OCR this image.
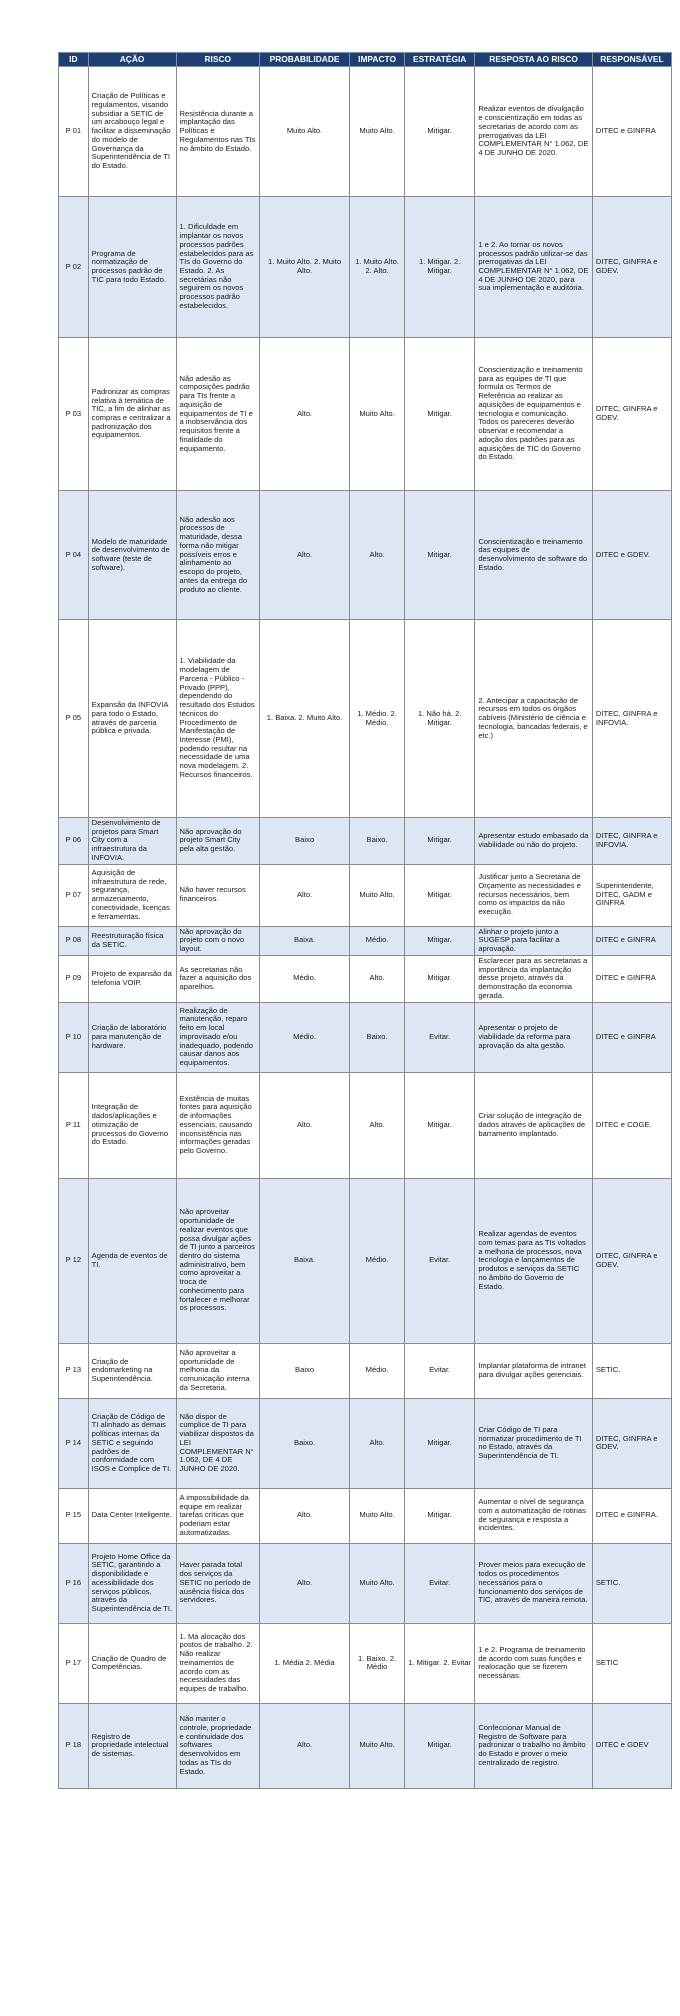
ID	AÇÃO	RISCO	PROBABILIDADE	IMPACTO	ESTRATÉGIA	RESPOSTA AO RISCO	RESPONSÁVEL
P 01	Criação de Políticas e regulamentos, visando subsidiar a SETIC de um arcabouço legal e facilitar a disseminação do modelo de Governança da Superintendência de TI do Estado.	Resistência durante a implantação das Políticas e Regulamentos nas TIs no âmbito do Estado.	Muito Alto.	Muito Alto.	Mitigar.	Realizar eventos de divulgação e conscientização em todas as secretarias de acordo com as prerrogativas da LEI COMPLEMENTAR N° 1.062, DE 4 DE JUNHO DE 2020.	DITEC e GINFRA
P 02	Programa de normatização de processos padrão de TIC para todo Estado.	1. Dificuldade em implantar os novos processos padrões estabelecidos para as TIs do Governo do Estado. 2. As secretárias não seguirem os novos processos padrão estabelecidos.	1. Muito Alto. 2. Muito Alto.	1. Muito Alto. 2. Alto.	1. Mitigar. 2. Mitigar.	1 e 2. Ao tornar os novos processos padrão utilizar-se das prerrogativas da LEI COMPLEMENTAR N° 1.062, DE 4 DE JUNHO DE 2020, para sua implementação e auditória.	DITEC, GINFRA e GDEV.
P 03	Padronizar as compras relativa à temática de TIC, a fim de alinhar as compras e centralizar a padronização dos equipamentos.	Não adesão as composições padrão para TIs frente a aquisição de equipamentos de TI e a inobservância dos requisitos frente a finalidade do equipamento.	Alto.	Muito Alto.	Mitigar.	Conscientização e treinamento para as equipes de TI que formula os Termos de Referência ao realizar as aquisições de equipamentos e tecnologia e comunicação. Todos os pareceres deverão observar e recomendar a adoção dos padrões para as aquisições de TIC do Governo do Estado.	DITEC, GINFRA e GDEV.
P 04	Modelo de maturidade de desenvolvimento de software (teste de software).	Não adesão aos processos de maturidade, dessa forma não mitigar possíveis erros e alinhamento ao escopo do projeto, antes da entrega do produto ao cliente.	Alto.	Alto.	Mitigar.	Conscientização e treinamento das equipes de desenvolvimento de software do Estado.	DITEC e GDEV.
P 05	Expansão da INFOVIA para todo o Estado, através de parceria pública e privada.	1. Viabilidade da modelagem de Parceria - Público - Privado (PPP), dependendo do resultado dos Estudos técnicos do Procedimento de Manifestação de Interesse (PMI), podendo resultar na necessidade de uma nova modelagem. 2. Recursos financeiros.	1. Baixa. 2. Muito Alto.	1. Médio. 2. Médio.	1. Não há. 2. Mitigar.	2. Antecipar a capacitação de recursos em todos os órgãos cabíveis (Ministério de ciência e tecnologia, bancadas federais, e etc.)	DITEC, GINFRA e INFOVIA.
P 06	Desenvolvimento de projetos para Smart City com a infraestrutura da INFOVIA.	Não aprovação do projeto Smart City pela alta gestão.	Baixo	Baixo.	Mitigar.	Apresentar estudo embasado da viabilidade ou não do projeto.	DITEC, GINFRA e INFOVIA.
P 07	Aquisição de infraestrutura de rede, segurança, armazenamento, conectividade, licenças e ferramentas.	Não haver recursos financeiros.	Alto.	Muito Alto.	Mitigar.	Justificar junto a Secretária de Orçamento as necessidades e recursos necessários, bem como os impactos da não execução.	Superintendente, DITEC, GADM e GINFRA
P 08	Reestruturação física da SETIC.	Não aprovação do projeto com o novo layout.	Baixa.	Médio.	Mitigar.	Alinhar o projeto junto a SUGESP para facilitar a aprovação.	DITEC e GINFRA
P 09	Projeto de expansão da telefonia VOIP.	As secretarias não fazer a aquisição dos aparelhos.	Médio.	Alto.	Mitigar.	Esclarecer para as secretarias a importância da implantação desse projeto, através da demonstração da economia gerada.	DITEC e GINFRA
P 10	Criação de laboratório para manutenção de hardware.	Realização de manutenção, reparo feito em local improvisado e/ou inadequado, podendo causar danos aos equipamentos.	Médio.	Baixo.	Evitar.	Apresentar o projeto de viabilidade da reforma para aprovação da alta gestão.	DITEC e GINFRA
P 11	Integração de dados/aplicações e otimização de processos do Governo do Estado.	Existência de muitas fontes para aquisição de informações essenciais, causando inconsistência nas informações geradas pelo Governo.	Alto.	Alto.	Mitigar.	Criar solução de integração de dados através de aplicações de barramento implantado.	DITEC e COGE.
P 12	Agenda de eventos de TI.	Não aproveitar oportunidade de realizar eventos que possa divulgar ações de TI junto a parceiros dentro do sistema administrativo, bem como aproveitar a troca de conhecimento para fortalecer e melhorar os processos.	Baixa.	Médio.	Evitar.	Realizar agendas de eventos com temas para as TIs voltados a melhoria de processos, nova tecnologia e lançamentos de produtos e serviços da SETIC no âmbito do Governo de Estado.	DITEC, GINFRA e GDEV.
P 13	Criação de endomarketing na Superintendência.	Não aproveitar a oportunidade de melhoria da comunicação interna da Secretaria.	Baixo	Médio.	Evitar.	Implantar plataforma de intranet para divulgar ações gerenciais.	SETIC.
P 14	Criação de Código de TI alinhado as demais políticas internas da SETIC e seguindo padrões de conformidade com ISOS e Complice de TI.	Não dispor de cumplice de TI para viabilizar dispostos da LEI COMPLEMENTAR N° 1.062, DE 4 DE JUNHO DE 2020.	Baixo.	Alto.	Mitigar.	Criar Código de TI para normatizar procedimento de TI no Estado, através da Superintendência de TI.	DITEC, GINFRA e GDEV.
P 15	Data Center Inteligente.	A impossibilidade da equipe em realizar tarefas críticas que poderiam estar automatizadas.	Alto.	Muito Alto.	Mitigar.	Aumentar o nível de segurança com a automatização de rotinas de segurança e resposta a incidentes.	DITEC e GINFRA.
P 16	Projeto Home Office da SETIC, garantindo a disponibilidade e acessibilidade dos serviços públicos, através da Superintendência de TI.	Haver parada total dos serviços da SETIC no período de ausência física dos servidores.	Alto.	Muito Alto.	Evitar.	Prover meios para execução de todos os procedimentos necessários para o funcionamento dos serviços de TIC, através de maneira remota.	SETIC.
P 17	Criação de Quadro de Competências.	1. Má alocação dos postos de trabalho. 2. Não realizar treinamentos de acordo com as necessidades das equipes de trabalho.	1. Média 2. Média	1. Baixo. 2. Médio	1. Mitigar. 2. Evitar	1 e 2. Programa de treinamento de acordo com suas funções e realocação que se fizerem necessárias.	SETIC
P 18	Registro de propriedade intelectual de sistemas.	Não manter o controle, propriedade e continuidade dos softwares desenvolvidos em todas as TIs do Estado.	Alto.	Muito Alto.	Mitigar.	Confeccionar Manual de Registro de Software para padronizar o trabalho no âmbito do Estado e prover o meio centralizado de registro.	DITEC e GDEV
